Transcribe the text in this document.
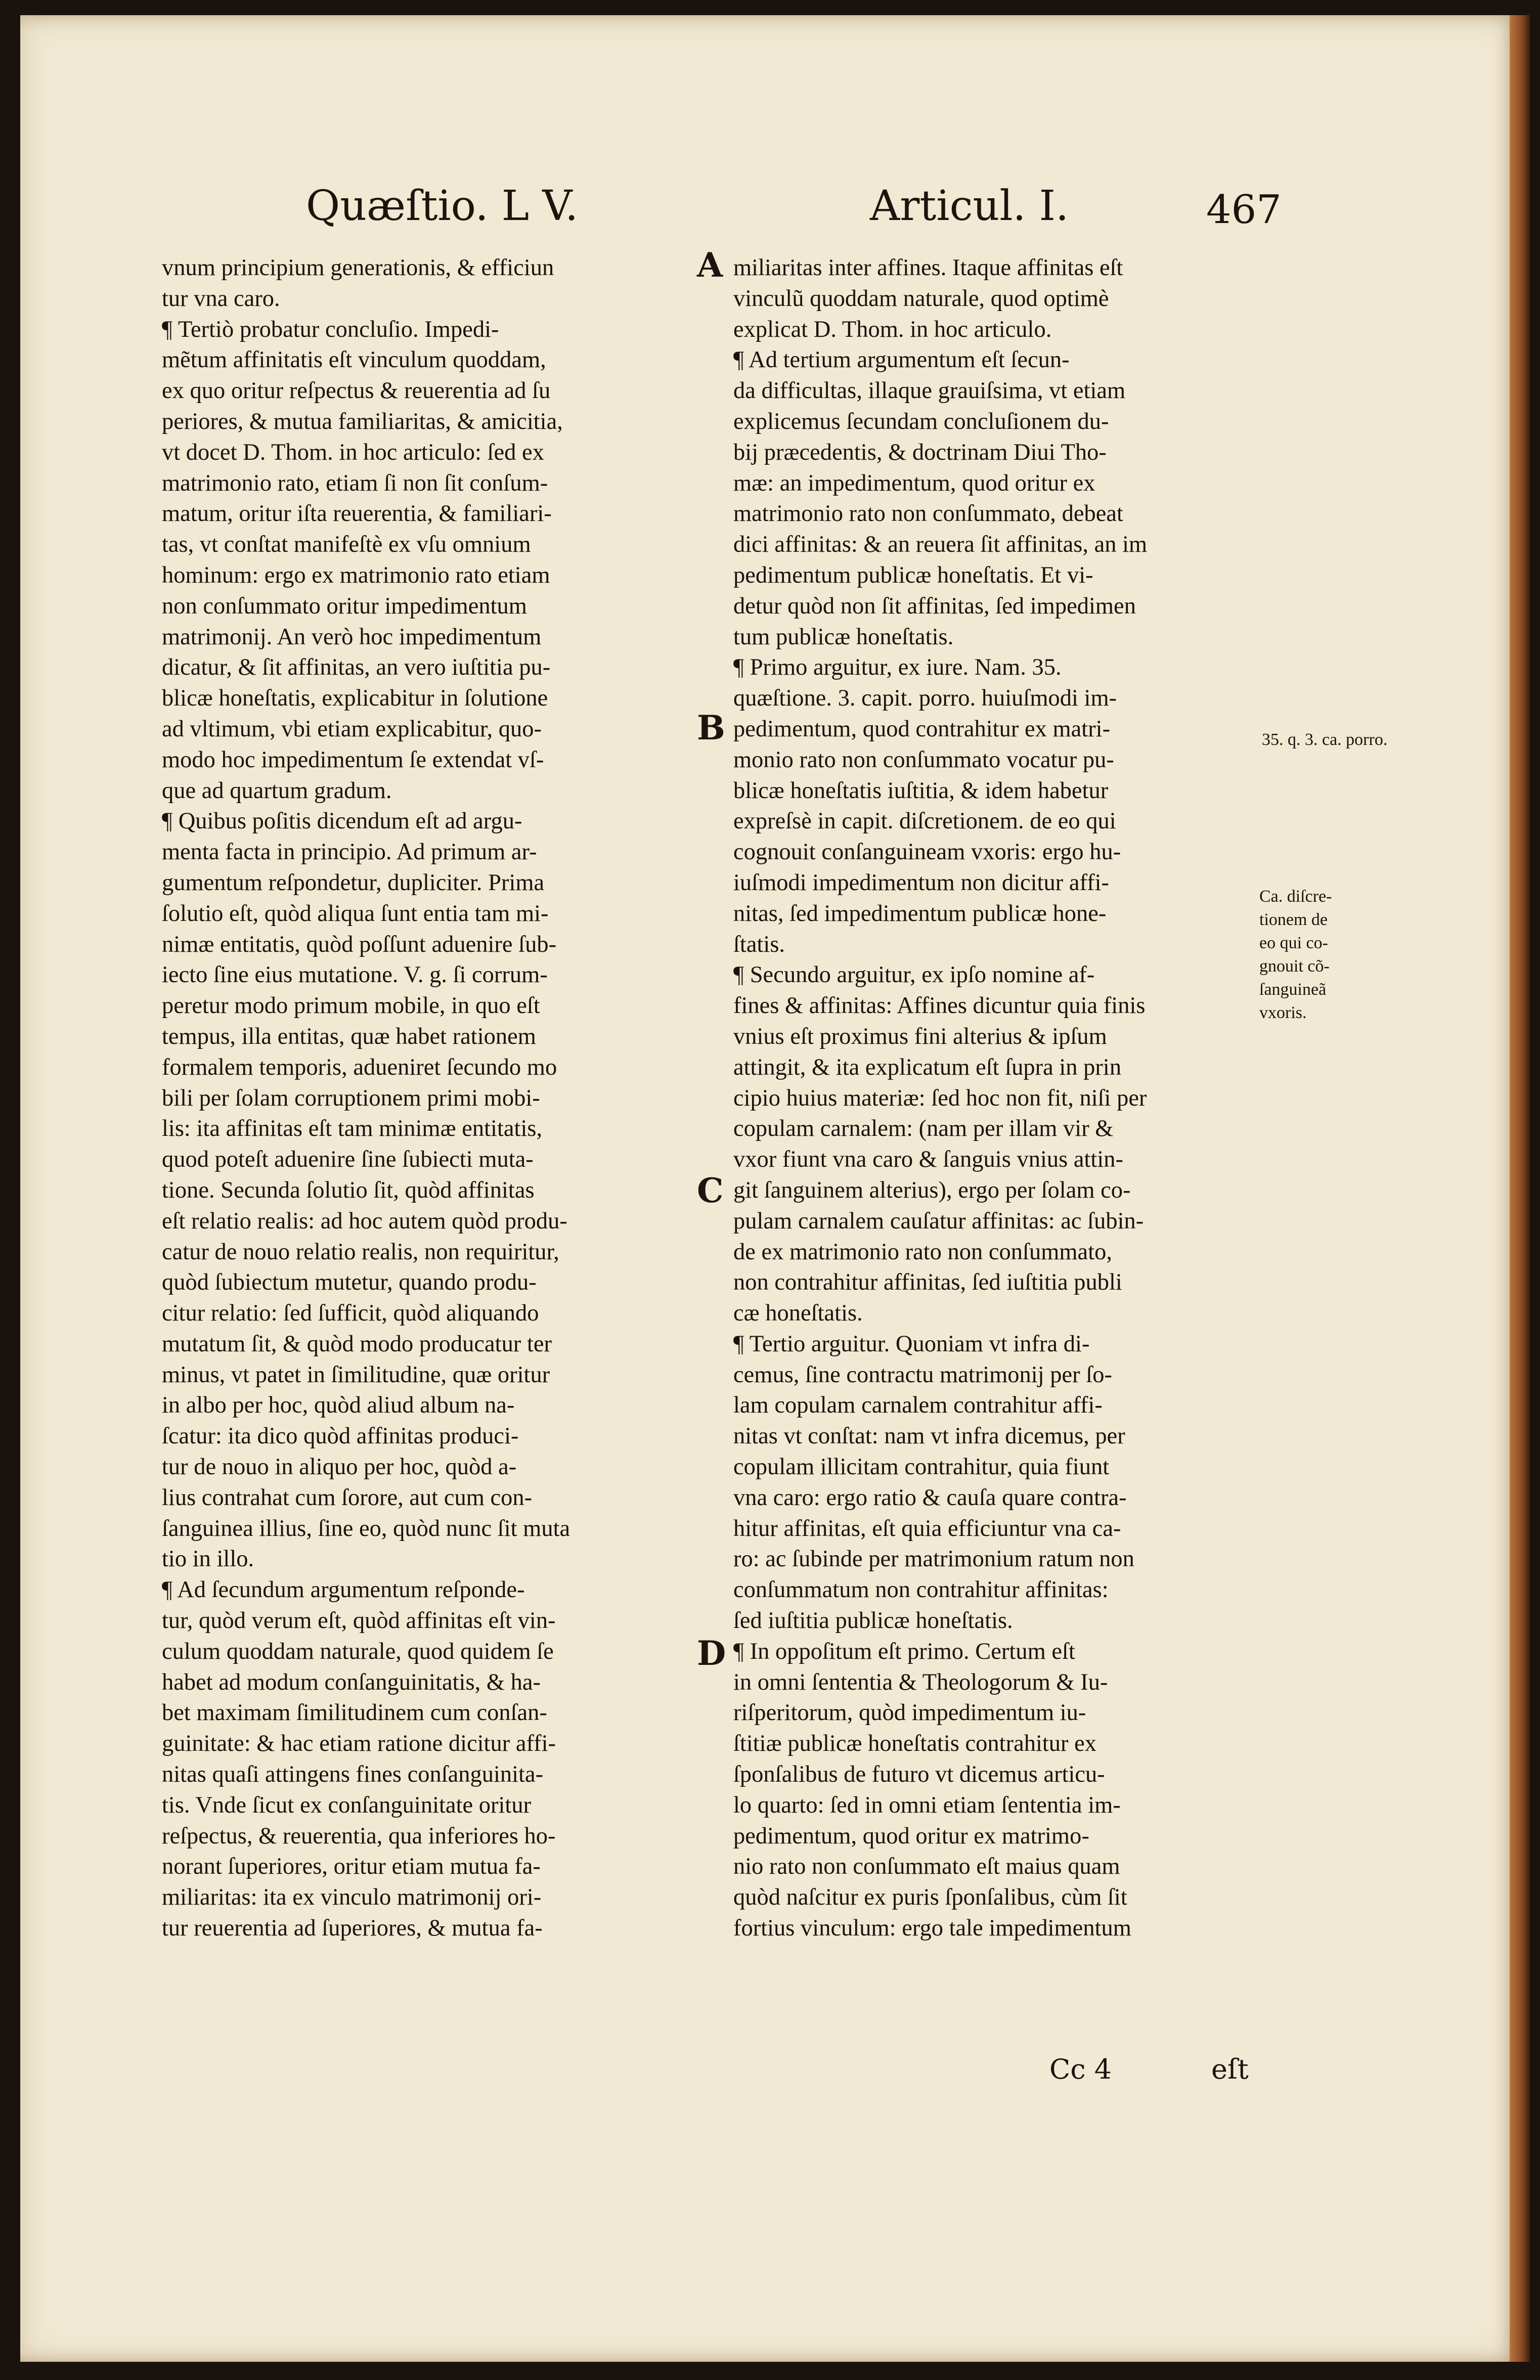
Quæſtio. L V.	Articul. I.	467
vnum principium generationis, & efficiun
tur vna caro.
¶ Tertiò probatur concluſio. Impedi-
mẽtum affinitatis eſt vinculum quoddam,
ex quo oritur reſpectus & reuerentia ad ſu
periores, & mutua familiaritas, & amicitia,
vt docet D. Thom. in hoc articulo: ſed ex
matrimonio rato, etiam ſi non ſit conſum-
matum, oritur iſta reuerentia, & familiari-
tas, vt conſtat manifeſtè ex vſu omnium
hominum: ergo ex matrimonio rato etiam
non conſummato oritur impedimentum
matrimonij. An verò hoc impedimentum
dicatur, & ſit affinitas, an vero iuſtitia pu-
blicæ honeſtatis, explicabitur in ſolutione
ad vltimum, vbi etiam explicabitur, quo-
modo hoc impedimentum ſe extendat vſ-
que ad quartum gradum.
¶ Quibus poſitis dicendum eſt ad argu-
menta facta in principio. Ad primum ar-
gumentum reſpondetur, dupliciter. Prima
ſolutio eſt, quòd aliqua ſunt entia tam mi-
nimæ entitatis, quòd poſſunt aduenire ſub-
iecto ſine eius mutatione. V. g. ſi corrum-
peretur modo primum mobile, in quo eſt
tempus, illa entitas, quæ habet rationem
formalem temporis, adueniret ſecundo mo
bili per ſolam corruptionem primi mobi-
lis: ita affinitas eſt tam minimæ entitatis,
quod poteſt aduenire ſine ſubiecti muta-
tione. Secunda ſolutio ſit, quòd affinitas
eſt relatio realis: ad hoc autem quòd produ-
catur de nouo relatio realis, non requiritur,
quòd ſubiectum mutetur, quando produ-
citur relatio: ſed ſufficit, quòd aliquando
mutatum ſit, & quòd modo producatur ter
minus, vt patet in ſimilitudine, quæ oritur
in albo per hoc, quòd aliud album na-
ſcatur: ita dico quòd affinitas produci-
tur de nouo in aliquo per hoc, quòd a-
lius contrahat cum ſorore, aut cum con-
ſanguinea illius, ſine eo, quòd nunc ſit muta
tio in illo.
¶ Ad ſecundum argumentum reſponde-
tur, quòd verum eſt, quòd affinitas eſt vin-
culum quoddam naturale, quod quidem ſe
habet ad modum conſanguinitatis, & ha-
bet maximam ſimilitudinem cum conſan-
guinitate: & hac etiam ratione dicitur affi-
nitas quaſi attingens fines conſanguinita-
tis. Vnde ſicut ex conſanguinitate oritur
reſpectus, & reuerentia, qua inferiores ho-
norant ſuperiores, oritur etiam mutua fa-
miliaritas: ita ex vinculo matrimonij ori-
tur reuerentia ad ſuperiores, & mutua fa-
miliaritas inter affines. Itaque affinitas eſt
vinculũ quoddam naturale, quod optimè
explicat D. Thom. in hoc articulo.
¶ Ad tertium argumentum eſt ſecun-
da difficultas, illaque grauiſsima, vt etiam
explicemus ſecundam concluſionem du-
bij præcedentis, & doctrinam Diui Tho-
mæ: an impedimentum, quod oritur ex
matrimonio rato non conſummato, debeat
dici affinitas: & an reuera ſit affinitas, an im
pedimentum publicæ honeſtatis. Et vi-
detur quòd non ſit affinitas, ſed impedimen
tum publicæ honeſtatis.
¶ Primo arguitur, ex iure. Nam. 35.
quæſtione. 3. capit. porro. huiuſmodi im-
pedimentum, quod contrahitur ex matri-
monio rato non conſummato vocatur pu-
blicæ honeſtatis iuſtitia, & idem habetur
expreſsè in capit. diſcretionem. de eo qui
cognouit conſanguineam vxoris: ergo hu-
iuſmodi impedimentum non dicitur affi-
nitas, ſed impedimentum publicæ hone-
ſtatis.
¶ Secundo arguitur, ex ipſo nomine af-
fines & affinitas: Affines dicuntur quia finis
vnius eſt proximus fini alterius & ipſum
attingit, & ita explicatum eſt ſupra in prin
cipio huius materiæ: ſed hoc non fit, niſi per
copulam carnalem: (nam per illam vir &
vxor fiunt vna caro & ſanguis vnius attin-
git ſanguinem alterius), ergo per ſolam co-
pulam carnalem cauſatur affinitas: ac ſubin-
de ex matrimonio rato non conſummato,
non contrahitur affinitas, ſed iuſtitia publi
cæ honeſtatis.
¶ Tertio arguitur. Quoniam vt infra di-
cemus, ſine contractu matrimonij per ſo-
lam copulam carnalem contrahitur affi-
nitas vt conſtat: nam vt infra dicemus, per
copulam illicitam contrahitur, quia fiunt
vna caro: ergo ratio & cauſa quare contra-
hitur affinitas, eſt quia efficiuntur vna ca-
ro: ac ſubinde per matrimonium ratum non
conſummatum non contrahitur affinitas:
ſed iuſtitia publicæ honeſtatis.
¶ In oppoſitum eſt primo. Certum eſt
in omni ſententia & Theologorum & Iu-
riſperitorum, quòd impedimentum iu-
ſtitiæ publicæ honeſtatis contrahitur ex
ſponſalibus de futuro vt dicemus articu-
lo quarto: ſed in omni etiam ſententia im-
pedimentum, quod oritur ex matrimo-
nio rato non conſummato eſt maius quam
quòd naſcitur ex puris ſponſalibus, cùm ſit
fortius vinculum: ergo tale impedimentum
A
B
C
D
35. q. 3. ca. porro.
Ca. diſcre-
tionem de
eo qui co-
gnouit cõ-
ſanguineã
vxoris.
Cc 4	eſt
